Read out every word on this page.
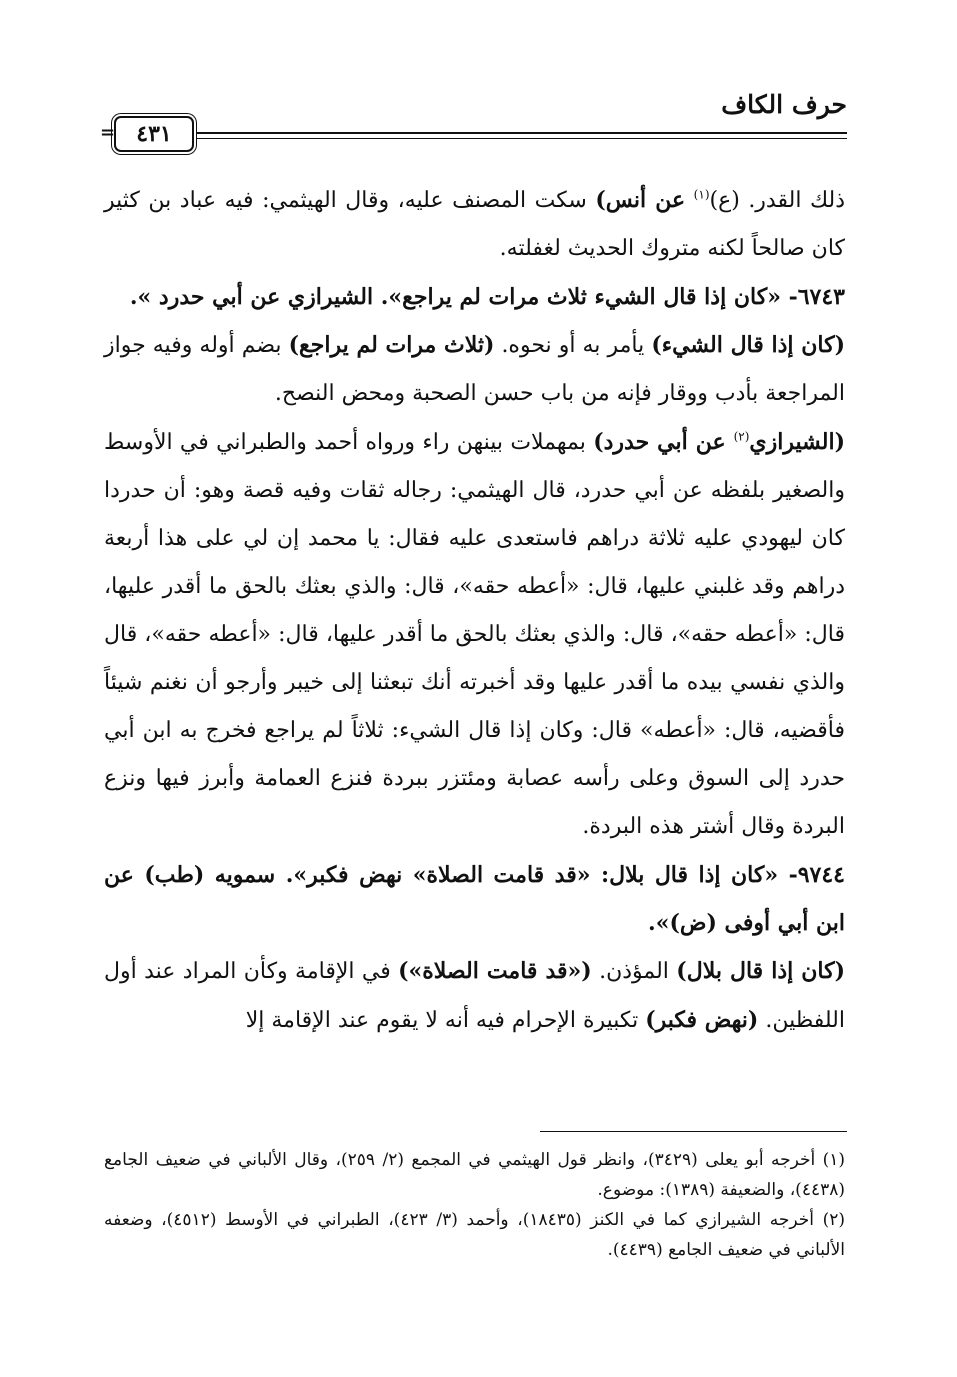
حرف الكاف
٤٣١
=

ذلك القدر. (ع)$^{(١)}$ عن أنس) سكت المصنف عليه، وقال الهيثمي: فيه عباد بن كثير كان صالحاً لكنه متروك الحديث لغفلته.

٦٧٤٣- «كان إذا قال الشيء ثلاث مرات لم يراجع». الشيرازي عن أبي حدرد ».

(كان إذا قال الشيء) يأمر به أو نحوه. (ثلاث مرات لم يراجع) بضم أوله وفيه جواز المراجعة بأدب ووقار فإنه من باب حسن الصحبة ومحض النصح.

(الشيرازي$^{(٢)}$ عن أبي حدرد) بمهملات بينهن راء ورواه أحمد والطبراني في الأوسط والصغير بلفظه عن أبي حدرد، قال الهيثمي: رجاله ثقات وفيه قصة وهو: أن حدردا كان ليهودي عليه ثلاثة دراهم فاستعدى عليه فقال: يا محمد إن لي على هذا أربعة دراهم وقد غلبني عليها، قال: «أعطه حقه»، قال: والذي بعثك بالحق ما أقدر عليها، قال: «أعطه حقه»، قال: والذي بعثك بالحق ما أقدر عليها، قال: «أعطه حقه»، قال والذي نفسي بيده ما أقدر عليها وقد أخبرته أنك تبعثنا إلى خيبر وأرجو أن نغنم شيئاً فأقضيه، قال: «أعطه» قال: وكان إذا قال الشيء: ثلاثاً لم يراجع فخرج به ابن أبي حدرد إلى السوق وعلى رأسه عصابة ومئتزر ببردة فنزع العمامة وأبرز فيها ونزع البردة وقال أشتر هذه البردة.

٩٧٤٤- «كان إذا قال بلال: «قد قامت الصلاة» نهض فكبر». سمويه (طب) عن ابن أبي أوفى (ض)».

(كان إذا قال بلال) المؤذن. («قد قامت الصلاة») في الإقامة وكأن المراد عند أول اللفظين. (نهض فكبر) تكبيرة الإحرام فيه أنه لا يقوم عند الإقامة إلا

(١) أخرجه أبو يعلى (٣٤٢٩)، وانظر قول الهيثمي في المجمع (٢/ ٢٥٩)، وقال الألباني في ضعيف الجامع (٤٤٣٨)، والضعيفة (١٣٨٩): موضوع.

(٢) أخرجه الشيرازي كما في الكنز (١٨٤٣٥)، وأحمد (٣/ ٤٢٣)، الطبراني في الأوسط (٤٥١٢)، وضعفه الألباني في ضعيف الجامع (٤٤٣٩).
